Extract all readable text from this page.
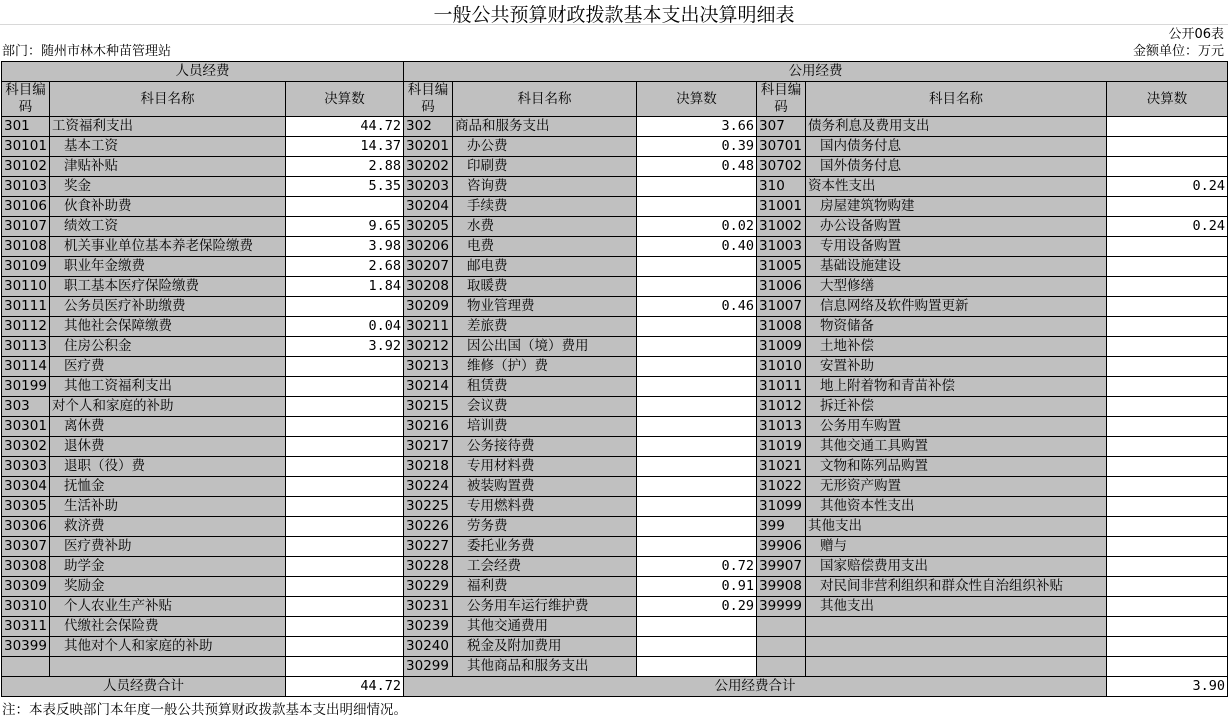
一般公共预算财政拨款基本支出决算明细表
公开06表
部门：随州市林木种苗管理站	金额单位：万元
人员经费			公用经费					
科目编码	科目名称	决算数	科目编码	科目名称	决算数	科目编码	科目名称	决算数
301	工资福利支出	44.72	302	商品和服务支出	3.66	307	债务利息及费用支出	
30101	基本工资	14.37	30201	办公费	0.39	30701	国内债务付息	
30102	津贴补贴	2.88	30202	印刷费	0.48	30702	国外债务付息	
30103	奖金	5.35	30203	咨询费		310	资本性支出	0.24
30106	伙食补助费		30204	手续费		31001	房屋建筑物购建	
30107	绩效工资	9.65	30205	水费	0.02	31002	办公设备购置	0.24
30108	机关事业单位基本养老保险缴费	3.98	30206	电费	0.40	31003	专用设备购置	
30109	职业年金缴费	2.68	30207	邮电费		31005	基础设施建设	
30110	职工基本医疗保险缴费	1.84	30208	取暖费		31006	大型修缮	
30111	公务员医疗补助缴费		30209	物业管理费	0.46	31007	信息网络及软件购置更新	
30112	其他社会保障缴费	0.04	30211	差旅费		31008	物资储备	
30113	住房公积金	3.92	30212	因公出国（境）费用		31009	土地补偿	
30114	医疗费		30213	维修（护）费		31010	安置补助	
30199	其他工资福利支出		30214	租赁费		31011	地上附着物和青苗补偿	
303	对个人和家庭的补助		30215	会议费		31012	拆迁补偿	
30301	离休费		30216	培训费		31013	公务用车购置	
30302	退休费		30217	公务接待费		31019	其他交通工具购置	
30303	退职（役）费		30218	专用材料费		31021	文物和陈列品购置	
30304	抚恤金		30224	被装购置费		31022	无形资产购置	
30305	生活补助		30225	专用燃料费		31099	其他资本性支出	
30306	救济费		30226	劳务费		399	其他支出	
30307	医疗费补助		30227	委托业务费		39906	赠与	
30308	助学金		30228	工会经费	0.72	39907	国家赔偿费用支出	
30309	奖励金		30229	福利费	0.91	39908	对民间非营利组织和群众性自治组织补贴	
30310	个人农业生产补贴		30231	公务用车运行维护费	0.29	39999	其他支出	
30311	代缴社会保险费		30239	其他交通费用				
30399	其他对个人和家庭的补助		30240	税金及附加费用				
			30299	其他商品和服务支出				
人员经费合计		44.72	公用经费合计					3.90
注：本表反映部门本年度一般公共预算财政拨款基本支出明细情况。
